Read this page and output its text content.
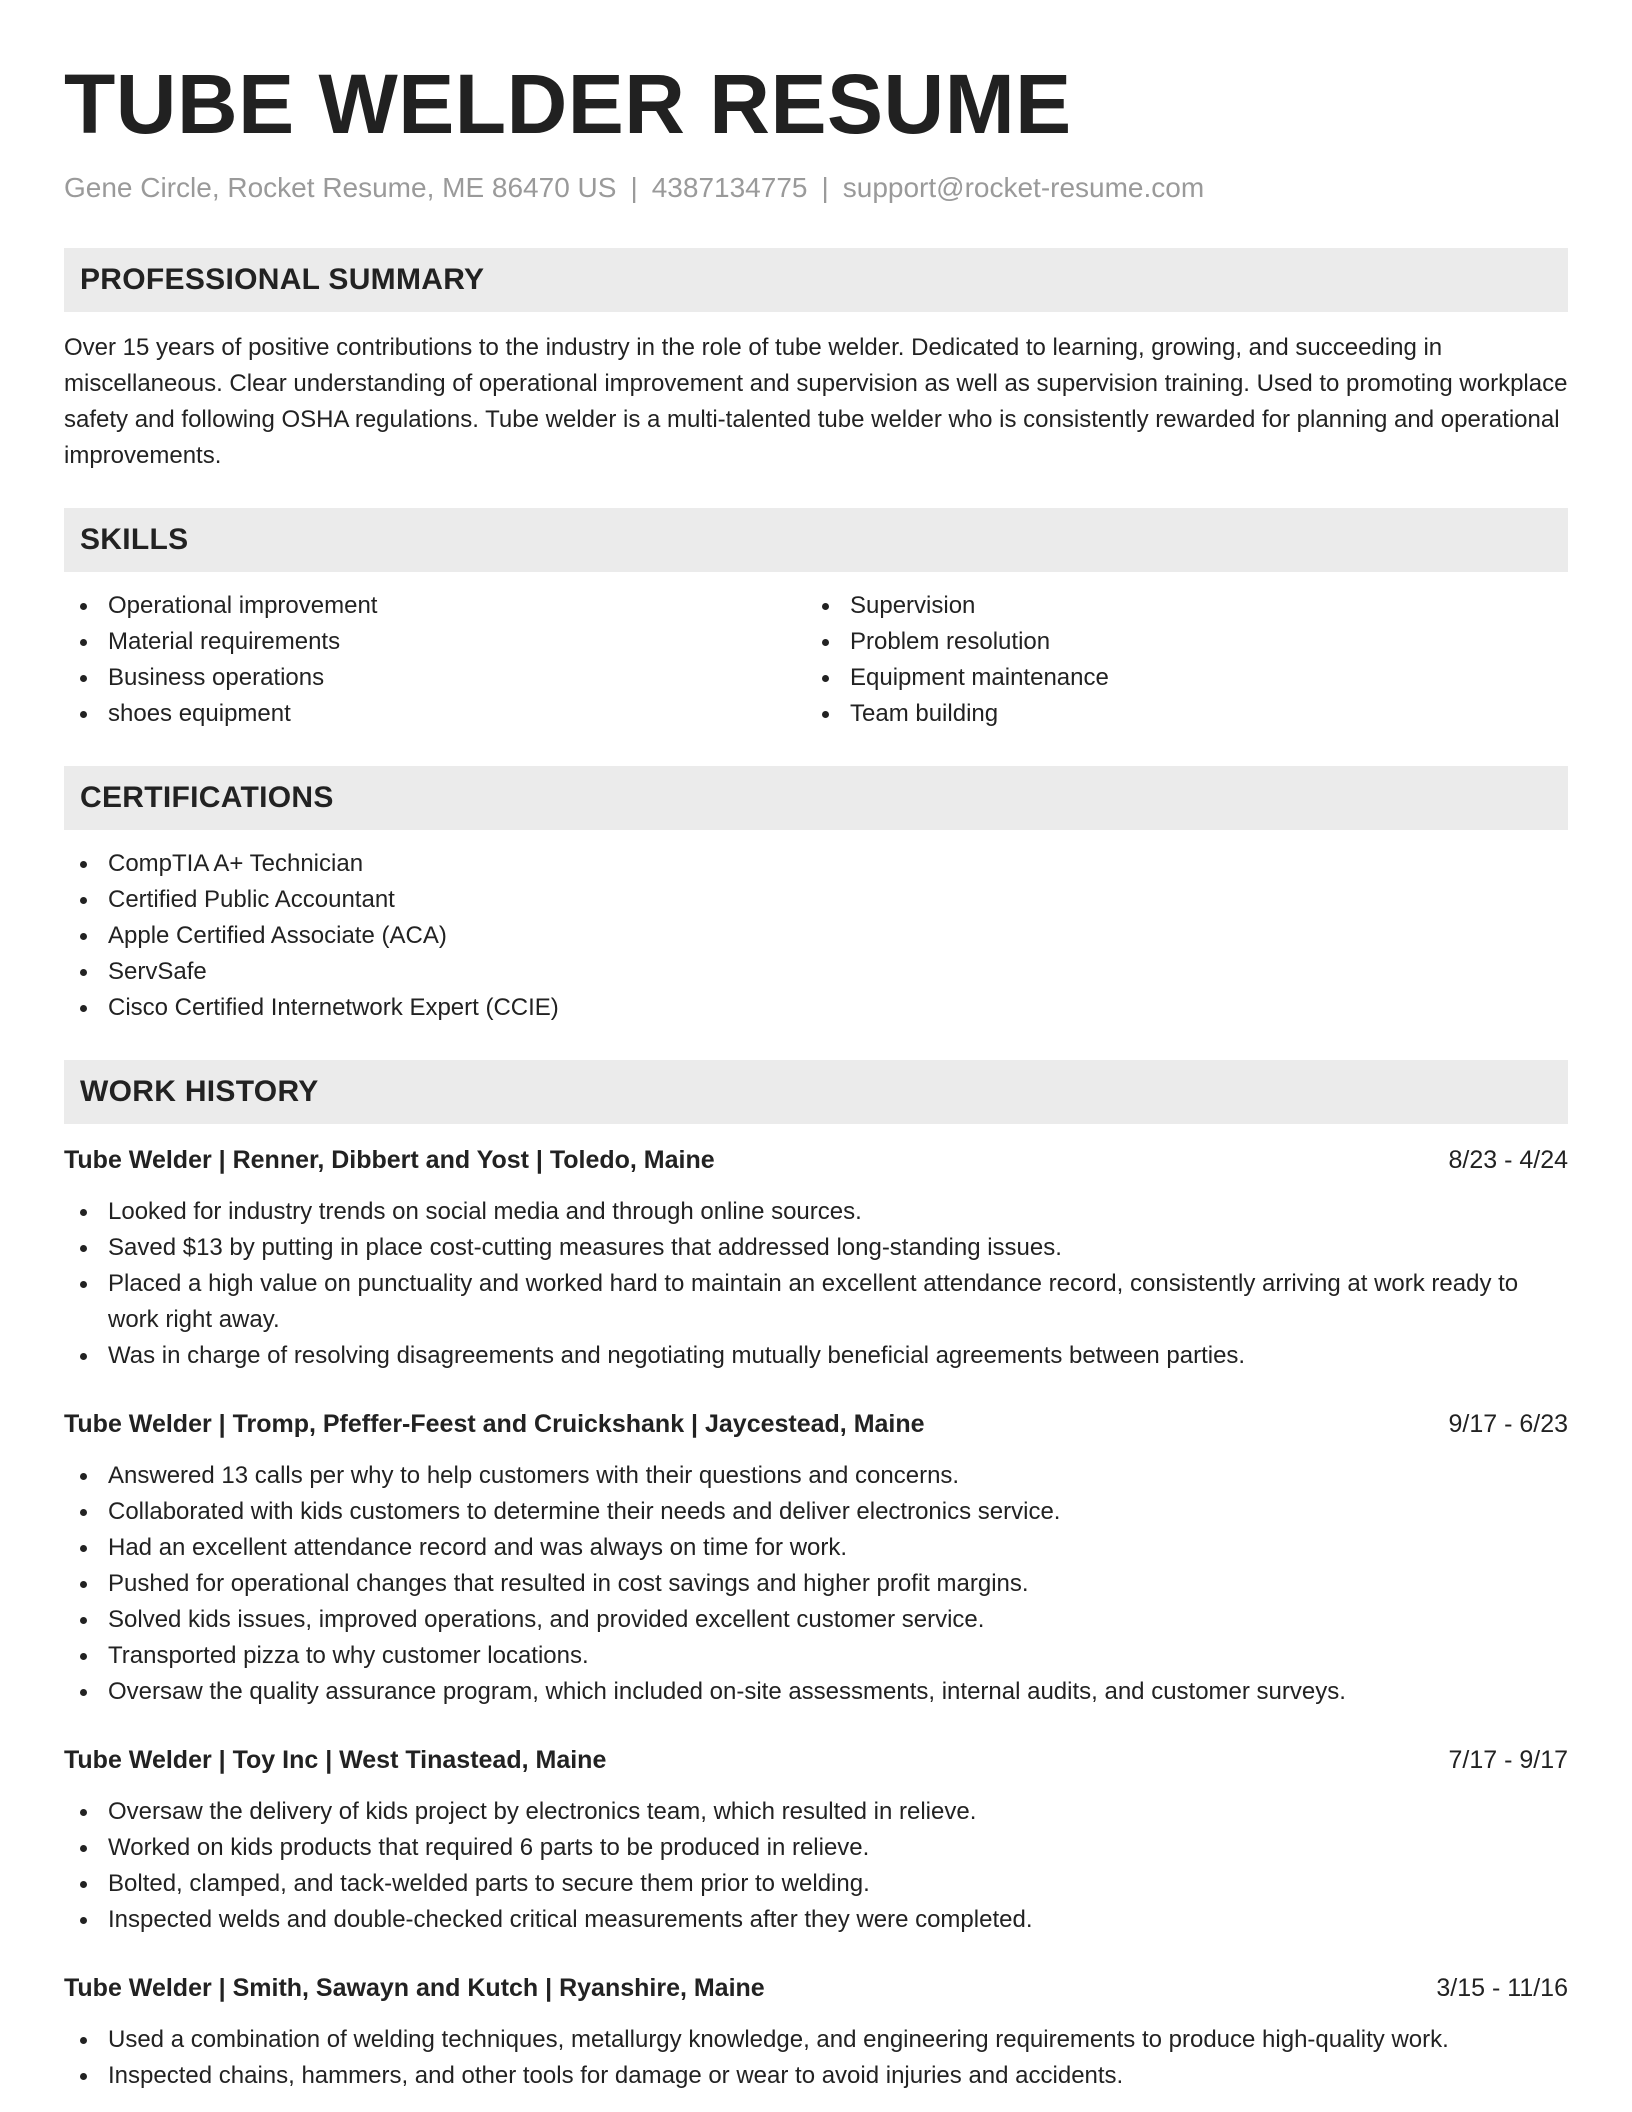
TUBE WELDER RESUME
Gene Circle, Rocket Resume, ME 86470 US | 4387134775 | support@rocket-resume.com
PROFESSIONAL SUMMARY

Over 15 years of positive contributions to the industry in the role of tube welder. Dedicated to learning, growing, and succeeding in miscellaneous. Clear understanding of operational improvement and supervision as well as supervision training. Used to promoting workplace safety and following OSHA regulations. Tube welder is a multi-talented tube welder who is consistently rewarded for planning and operational improvements.

SKILLS
Operational improvement
Material requirements
Business operations
shoes equipment
Supervision
Problem resolution
Equipment maintenance
Team building
CERTIFICATIONS
CompTIA A+ Technician
Certified Public Accountant
Apple Certified Associate (ACA)
ServSafe
Cisco Certified Internetwork Expert (CCIE)
WORK HISTORY
Tube Welder | Renner, Dibbert and Yost | Toledo, Maine	8/23 - 4/24
Looked for industry trends on social media and through online sources.
Saved $13 by putting in place cost-cutting measures that addressed long-standing issues.
Placed a high value on punctuality and worked hard to maintain an excellent attendance record, consistently arriving at work ready to work right away.
Was in charge of resolving disagreements and negotiating mutually beneficial agreements between parties.
Tube Welder | Tromp, Pfeffer-Feest and Cruickshank | Jaycestead, Maine	9/17 - 6/23
Answered 13 calls per why to help customers with their questions and concerns.
Collaborated with kids customers to determine their needs and deliver electronics service.
Had an excellent attendance record and was always on time for work.
Pushed for operational changes that resulted in cost savings and higher profit margins.
Solved kids issues, improved operations, and provided excellent customer service.
Transported pizza to why customer locations.
Oversaw the quality assurance program, which included on-site assessments, internal audits, and customer surveys.
Tube Welder | Toy Inc | West Tinastead, Maine	7/17 - 9/17
Oversaw the delivery of kids project by electronics team, which resulted in relieve.
Worked on kids products that required 6 parts to be produced in relieve.
Bolted, clamped, and tack-welded parts to secure them prior to welding.
Inspected welds and double-checked critical measurements after they were completed.
Tube Welder | Smith, Sawayn and Kutch | Ryanshire, Maine	3/15 - 11/16
Used a combination of welding techniques, metallurgy knowledge, and engineering requirements to produce high-quality work.
Inspected chains, hammers, and other tools for damage or wear to avoid injuries and accidents.
